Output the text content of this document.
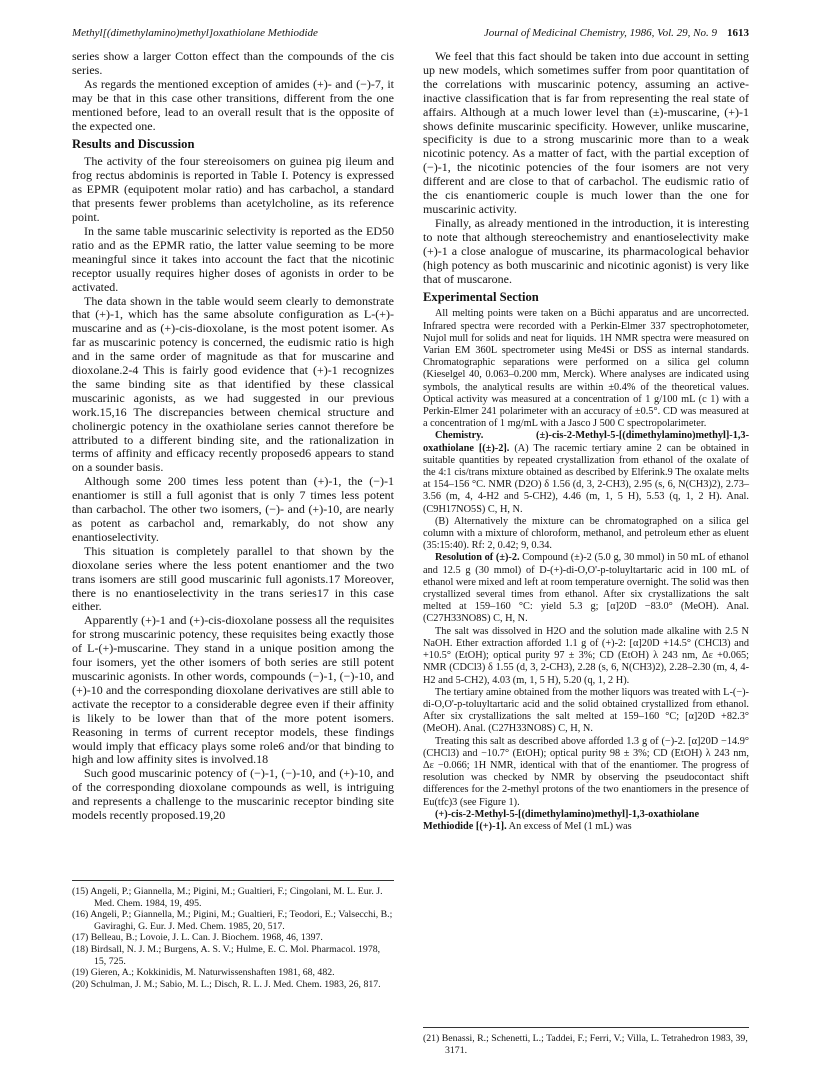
Methyl[(dimethylamino)methyl]oxathiolane Methiodide	Journal of Medicinal Chemistry, 1986, Vol. 29, No. 9 1613

series show a larger Cotton effect than the compounds of the cis series.

As regards the mentioned exception of amides (+)- and (−)-7, it may be that in this case other transitions, different from the one mentioned before, lead to an overall result that is the opposite of the expected one.

Results and Discussion

The activity of the four stereoisomers on guinea pig ileum and frog rectus abdominis is reported in Table I. Potency is expressed as EPMR (equipotent molar ratio) and has carbachol, a standard that presents fewer problems than acetylcholine, as its reference point.

In the same table muscarinic selectivity is reported as the ED50 ratio and as the EPMR ratio, the latter value seeming to be more meaningful since it takes into account the fact that the nicotinic receptor usually requires higher doses of agonists in order to be activated.

The data shown in the table would seem clearly to demonstrate that (+)-1, which has the same absolute configuration as L-(+)-muscarine and as (+)-cis-dioxolane, is the most potent isomer. As far as muscarinic potency is concerned, the eudismic ratio is high and in the same order of magnitude as that for muscarine and dioxolane.2-4 This is fairly good evidence that (+)-1 recognizes the same binding site as that identified by these classical muscarinic agonists, as we had suggested in our previous work.15,16 The discrepancies between chemical structure and cholinergic potency in the oxathiolane series cannot therefore be attributed to a different binding site, and the rationalization in terms of affinity and efficacy recently proposed6 appears to stand on a sounder basis.

Although some 200 times less potent than (+)-1, the (−)-1 enantiomer is still a full agonist that is only 7 times less potent than carbachol. The other two isomers, (−)- and (+)-10, are nearly as potent as carbachol and, remarkably, do not show any enantioselectivity.

This situation is completely parallel to that shown by the dioxolane series where the less potent enantiomer and the two trans isomers are still good muscarinic full agonists.17 Moreover, there is no enantioselectivity in the trans series17 in this case either.

Apparently (+)-1 and (+)-cis-dioxolane possess all the requisites for strong muscarinic potency, these requisites being exactly those of L-(+)-muscarine. They stand in a unique position among the four isomers, yet the other isomers of both series are still potent muscarinic agonists. In other words, compounds (−)-1, (−)-10, and (+)-10 and the corresponding dioxolane derivatives are still able to activate the receptor to a considerable degree even if their affinity is likely to be lower than that of the more potent isomers. Reasoning in terms of current receptor models, these findings would imply that efficacy plays some role6 and/or that binding to high and low affinity sites is involved.18

Such good muscarinic potency of (−)-1, (−)-10, and (+)-10, and of the corresponding dioxolane compounds as well, is intriguing and represents a challenge to the muscarinic receptor binding site models recently proposed.19,20

(15) Angeli, P.; Giannella, M.; Pigini, M.; Gualtieri, F.; Cingolani, M. L. Eur. J. Med. Chem. 1984, 19, 495.

(16) Angeli, P.; Giannella, M.; Pigini, M.; Gualtieri, F.; Teodori, E.; Valsecchi, B.; Gaviraghi, G. Eur. J. Med. Chem. 1985, 20, 517.

(17) Belleau, B.; Lovoie, J. L. Can. J. Biochem. 1968, 46, 1397.

(18) Birdsall, N. J. M.; Burgens, A. S. V.; Hulme, E. C. Mol. Pharmacol. 1978, 15, 725.

(19) Gieren, A.; Kokkinidis, M. Naturwissenshaften 1981, 68, 482.

(20) Schulman, J. M.; Sabio, M. L.; Disch, R. L. J. Med. Chem. 1983, 26, 817.

We feel that this fact should be taken into due account in setting up new models, which sometimes suffer from poor quantitation of the correlations with muscarinic potency, assuming an active-inactive classification that is far from representing the real state of affairs. Although at a much lower level than (±)-muscarine, (+)-1 shows definite muscarinic specificity. However, unlike muscarine, specificity is due to a strong muscarinic more than to a weak nicotinic potency. As a matter of fact, with the partial exception of (−)-1, the nicotinic potencies of the four isomers are not very different and are close to that of carbachol. The eudismic ratio of the cis enantiomeric couple is much lower than the one for muscarinic activity.

Finally, as already mentioned in the introduction, it is interesting to note that although stereochemistry and enantioselectivity make (+)-1 a close analogue of muscarine, its pharmacological behavior (high potency as both muscarinic and nicotinic agonist) is very like that of muscarone.

Experimental Section

All melting points were taken on a Büchi apparatus and are uncorrected. Infrared spectra were recorded with a Perkin-Elmer 337 spectrophotometer, Nujol mull for solids and neat for liquids. 1H NMR spectra were measured on Varian EM 360L spectrometer using Me4Si or DSS as internal standards. Chromatographic separations were performed on a silica gel column (Kieselgel 40, 0.063–0.200 mm, Merck). Where analyses are indicated using symbols, the analytical results are within ±0.4% of the theoretical values. Optical activity was measured at a concentration of 1 g/100 mL (c 1) with a Perkin-Elmer 241 polarimeter with an accuracy of ±0.5°. CD was measured at a concentration of 1 mg/mL with a Jasco J 500 C spectropolarimeter.

Chemistry.	(±)-cis-2-Methyl-5-[(dimethylamino)methyl]-1,3-oxathiolane [(±)-2]. (A) The racemic tertiary amine 2 can be obtained in suitable quantities by repeated crystallization from ethanol of the oxalate of the 4:1 cis/trans mixture obtained as described by Elferink.9 The oxalate melts at 154–156 °C. NMR (D2O) δ 1.56 (d, 3, 2-CH3), 2.95 (s, 6, N(CH3)2), 2.73–3.56 (m, 4, 4-H2 and 5-CH2), 4.46 (m, 1, 5 H), 5.53 (q, 1, 2 H). Anal. (C9H17NO5S) C, H, N.

(B) Alternatively the mixture can be chromatographed on a silica gel column with a mixture of chloroform, methanol, and petroleum ether as eluent (35:15:40). Rf: 2, 0.42; 9, 0.34.

Resolution of (±)-2. Compound (±)-2 (5.0 g, 30 mmol) in 50 mL of ethanol and 12.5 g (30 mmol) of D-(+)-di-O,O'-p-toluyltartaric acid in 100 mL of ethanol were mixed and left at room temperature overnight. The solid was then crystallized several times from ethanol. After six crystallizations the salt melted at 159–160 °C: yield 5.3 g; [α]20D −83.0° (MeOH). Anal. (C27H33NO8S) C, H, N.

The salt was dissolved in H2O and the solution made alkaline with 2.5 N NaOH. Ether extraction afforded 1.1 g of (+)-2: [α]20D +14.5° (CHCl3) and +10.5° (EtOH); optical purity 97 ± 3%; CD (EtOH) λ 243 nm, Δε +0.065; NMR (CDCl3) δ 1.55 (d, 3, 2-CH3), 2.28 (s, 6, N(CH3)2), 2.28–2.30 (m, 4, 4-H2 and 5-CH2), 4.03 (m, 1, 5 H), 5.20 (q, 1, 2 H).

The tertiary amine obtained from the mother liquors was treated with L-(−)-di-O,O'-p-toluyltartaric acid and the solid obtained crystallized from ethanol. After six crystallizations the salt melted at 159–160 °C; [α]20D +82.3° (MeOH). Anal. (C27H33NO8S) C, H, N.

Treating this salt as described above afforded 1.3 g of (−)-2. [α]20D −14.9° (CHCl3) and −10.7° (EtOH); optical purity 98 ± 3%; CD (EtOH) λ 243 nm, Δε −0.066; 1H NMR, identical with that of the enantiomer. The progress of resolution was checked by NMR by observing the pseudocontact shift differences for the 2-methyl protons of the two enantiomers in the presence of Eu(tfc)3 (see Figure 1).

(+)-cis-2-Methyl-5-[(dimethylamino)methyl]-1,3-oxathiolane Methiodide [(+)-1]. An excess of MeI (1 mL) was

(21) Benassi, R.; Schenetti, L.; Taddei, F.; Ferri, V.; Villa, L. Tetrahedron 1983, 39, 3171.
